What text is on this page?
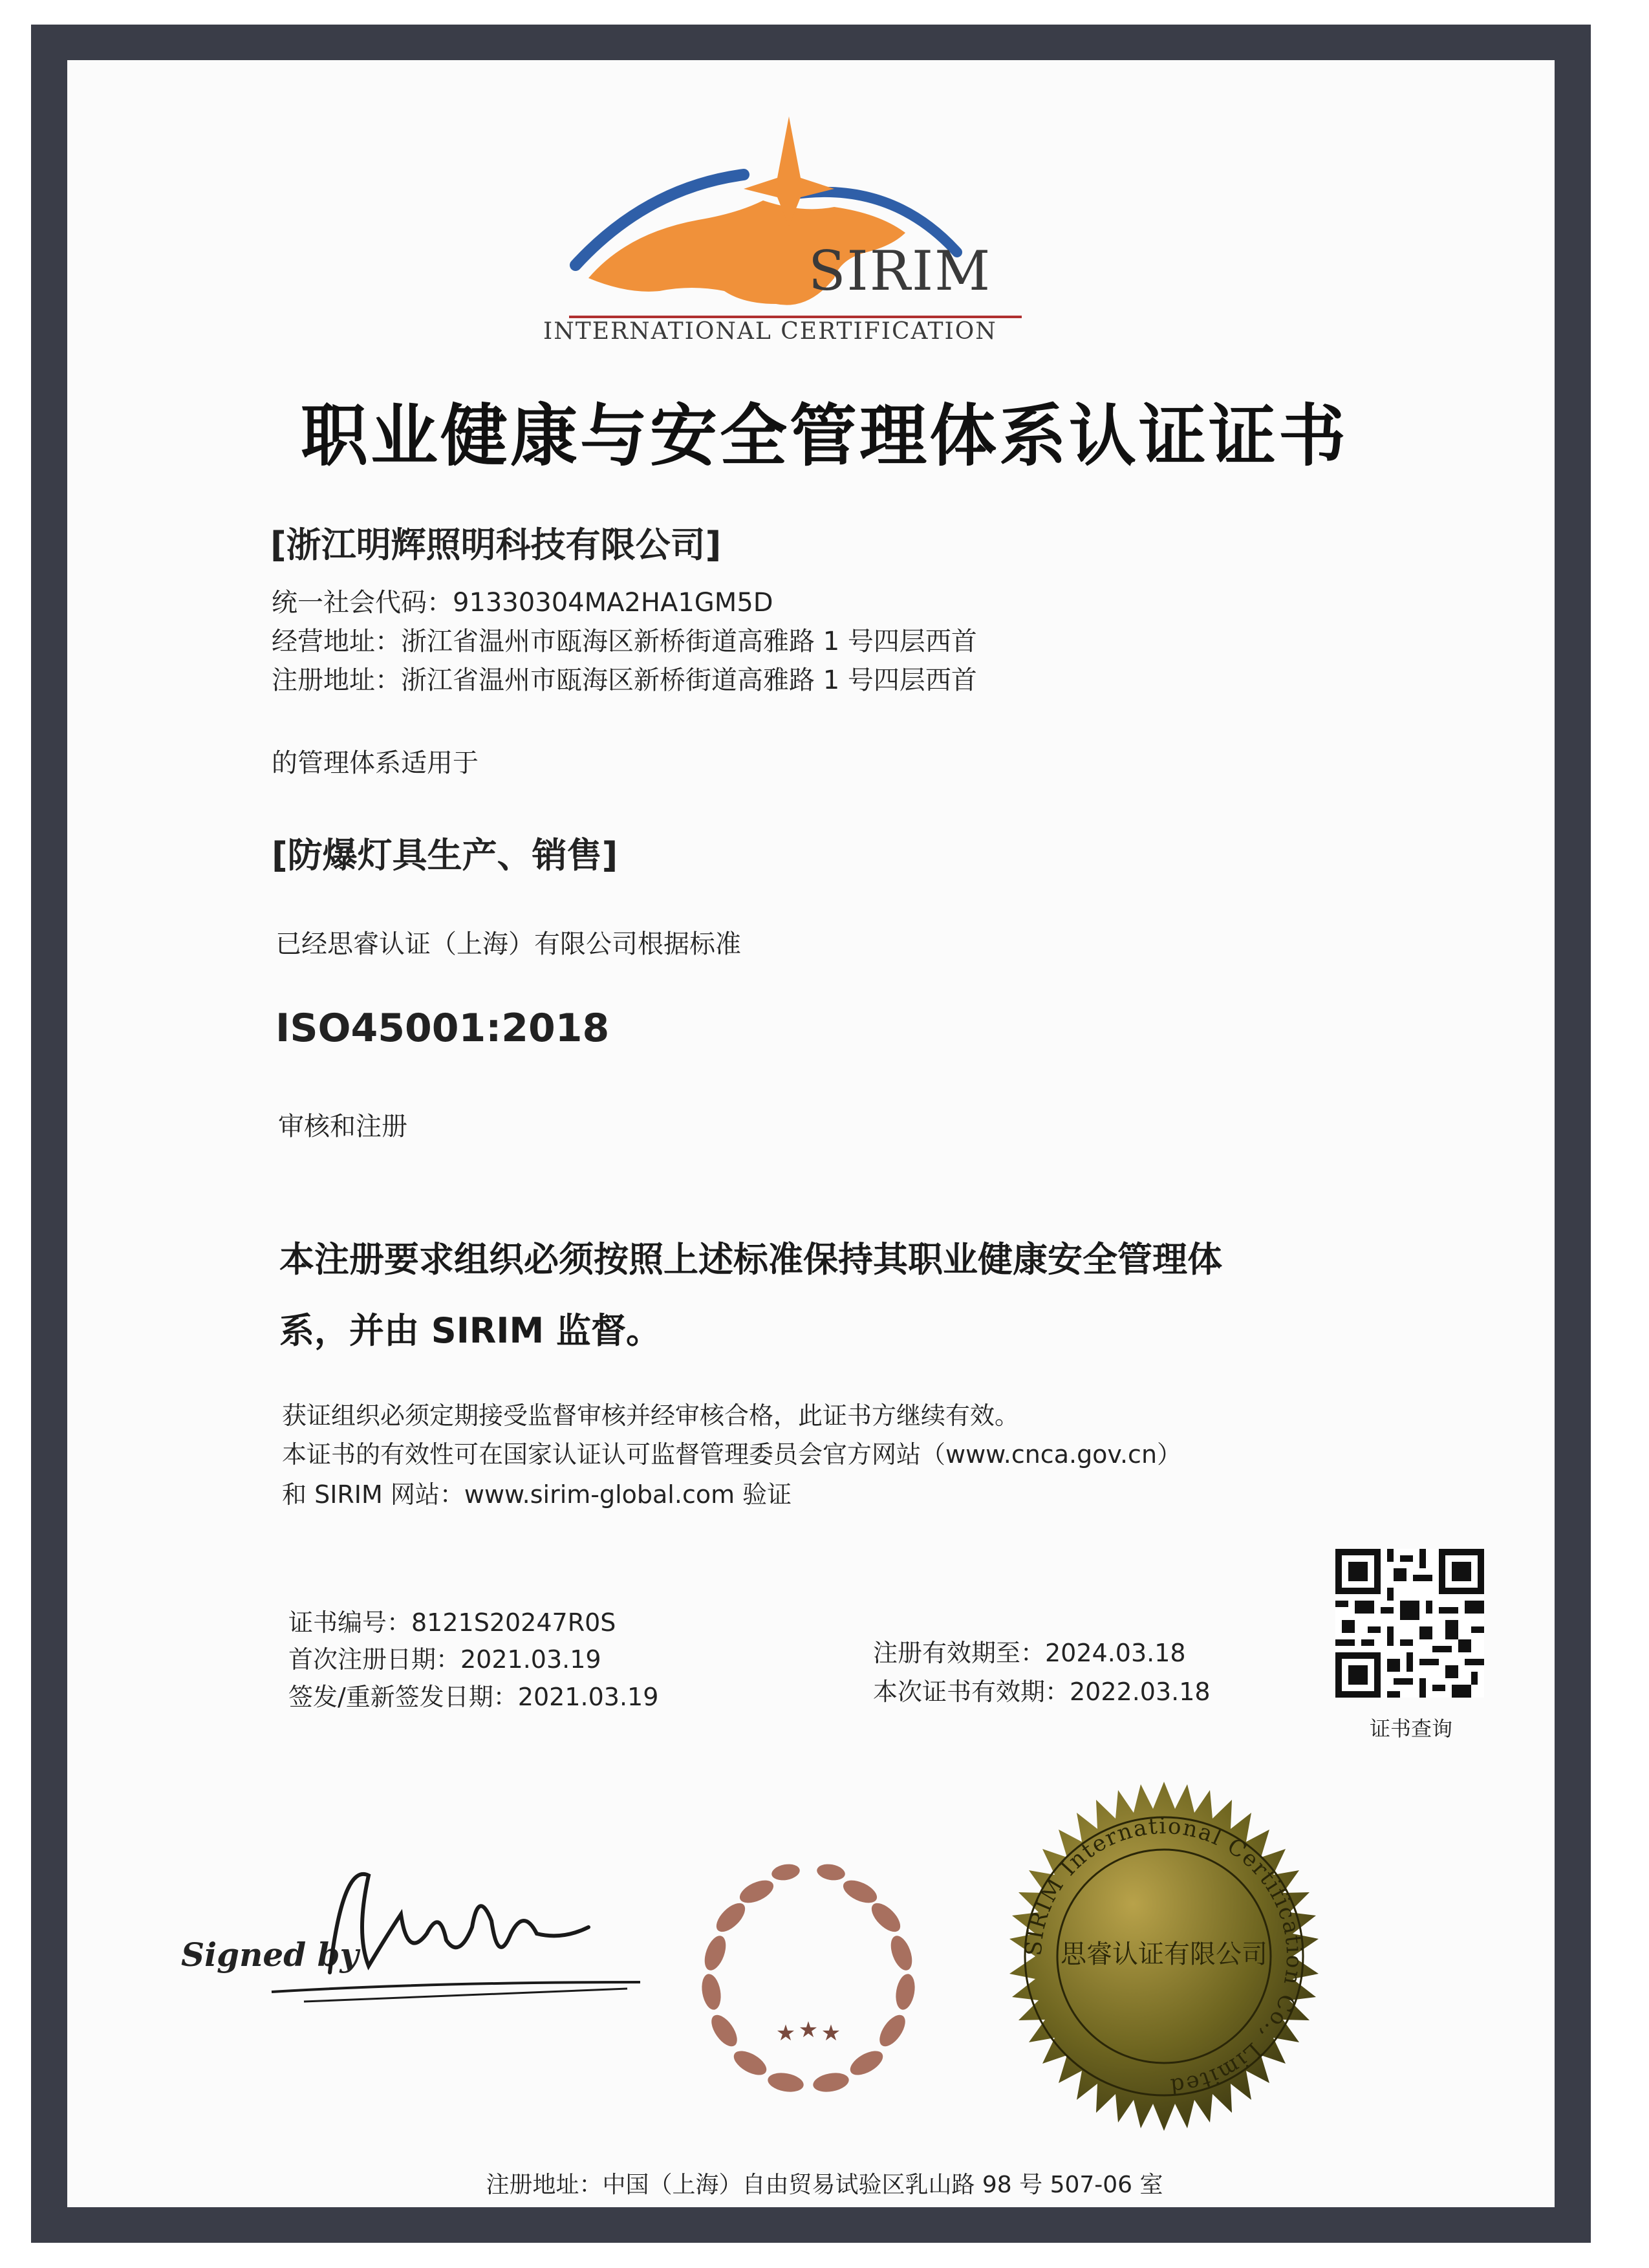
SIRIM
INTERNATIONAL CERTIFICATION
职业健康与安全管理体系认证证书
[浙江明辉照明科技有限公司]
统一社会代码：91330304MA2HA1GM5D
经营地址：浙江省温州市瓯海区新桥街道高雅路 1 号四层西首
注册地址：浙江省温州市瓯海区新桥街道高雅路 1 号四层西首
的管理体系适用于
[防爆灯具生产、销售]
已经思睿认证（上海）有限公司根据标准
ISO45001:2018
审核和注册
本注册要求组织必须按照上述标准保持其职业健康安全管理体
系，并由 SIRIM 监督。
获证组织必须定期接受监督审核并经审核合格，此证书方继续有效。
本证书的有效性可在国家认证认可监督管理委员会官方网站（www.cnca.gov.cn）
和 SIRIM 网站：www.sirim-global.com 验证
证书编号：8121S20247R0S
首次注册日期：2021.03.19
签发/重新签发日期：2021.03.19
注册有效期至：2024.03.18
本次证书有效期：2022.03.18
证书查询
Signed by
★ ★ ★
SIRIM International Certification Co., Limited
思睿认证有限公司
注册地址：中国（上海）自由贸易试验区乳山路 98 号 507-06 室
